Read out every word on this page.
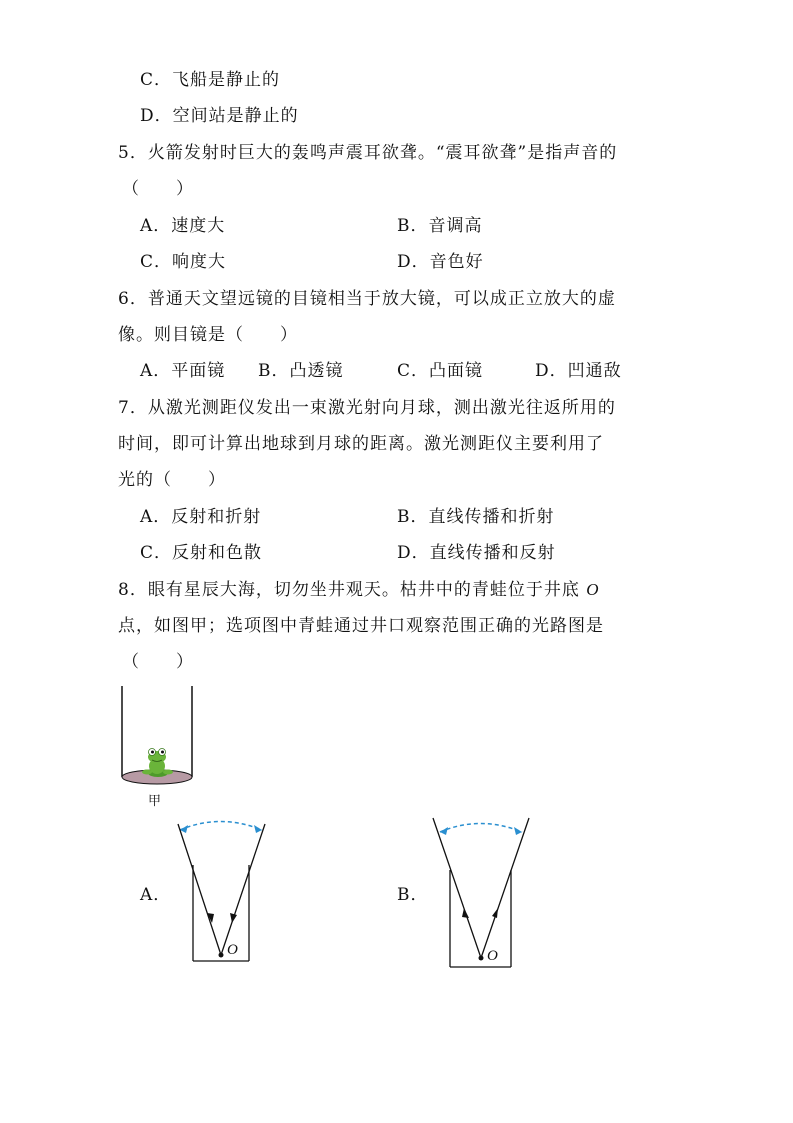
C．飞船是静止的
D．空间站是静止的
5．火箭发射时巨大的轰鸣声震耳欲聋。“震耳欲聋”是指声音的
（　　）
A．速度大	B．音调高
C．响度大	D．音色好
6．普通天文望远镜的目镜相当于放大镜，可以成正立放大的虚
像。则目镜是（　　）
A．平面镜 B．凸透镜	C．凸面镜	D．凹通敌
7．从激光测距仪发出一束激光射向月球，测出激光往返所用的
时间，即可计算出地球到月球的距离。激光测距仪主要利用了
光的（　　）
A．反射和折射	B．直线传播和折射
C．反射和色散	D．直线传播和反射
8．眼有星辰大海，切勿坐井观天。枯井中的青蛙位于井底 O
点，如图甲；选项图中青蛙通过井口观察范围正确的光路图是
（　　）
甲
A．
O
B．
O
